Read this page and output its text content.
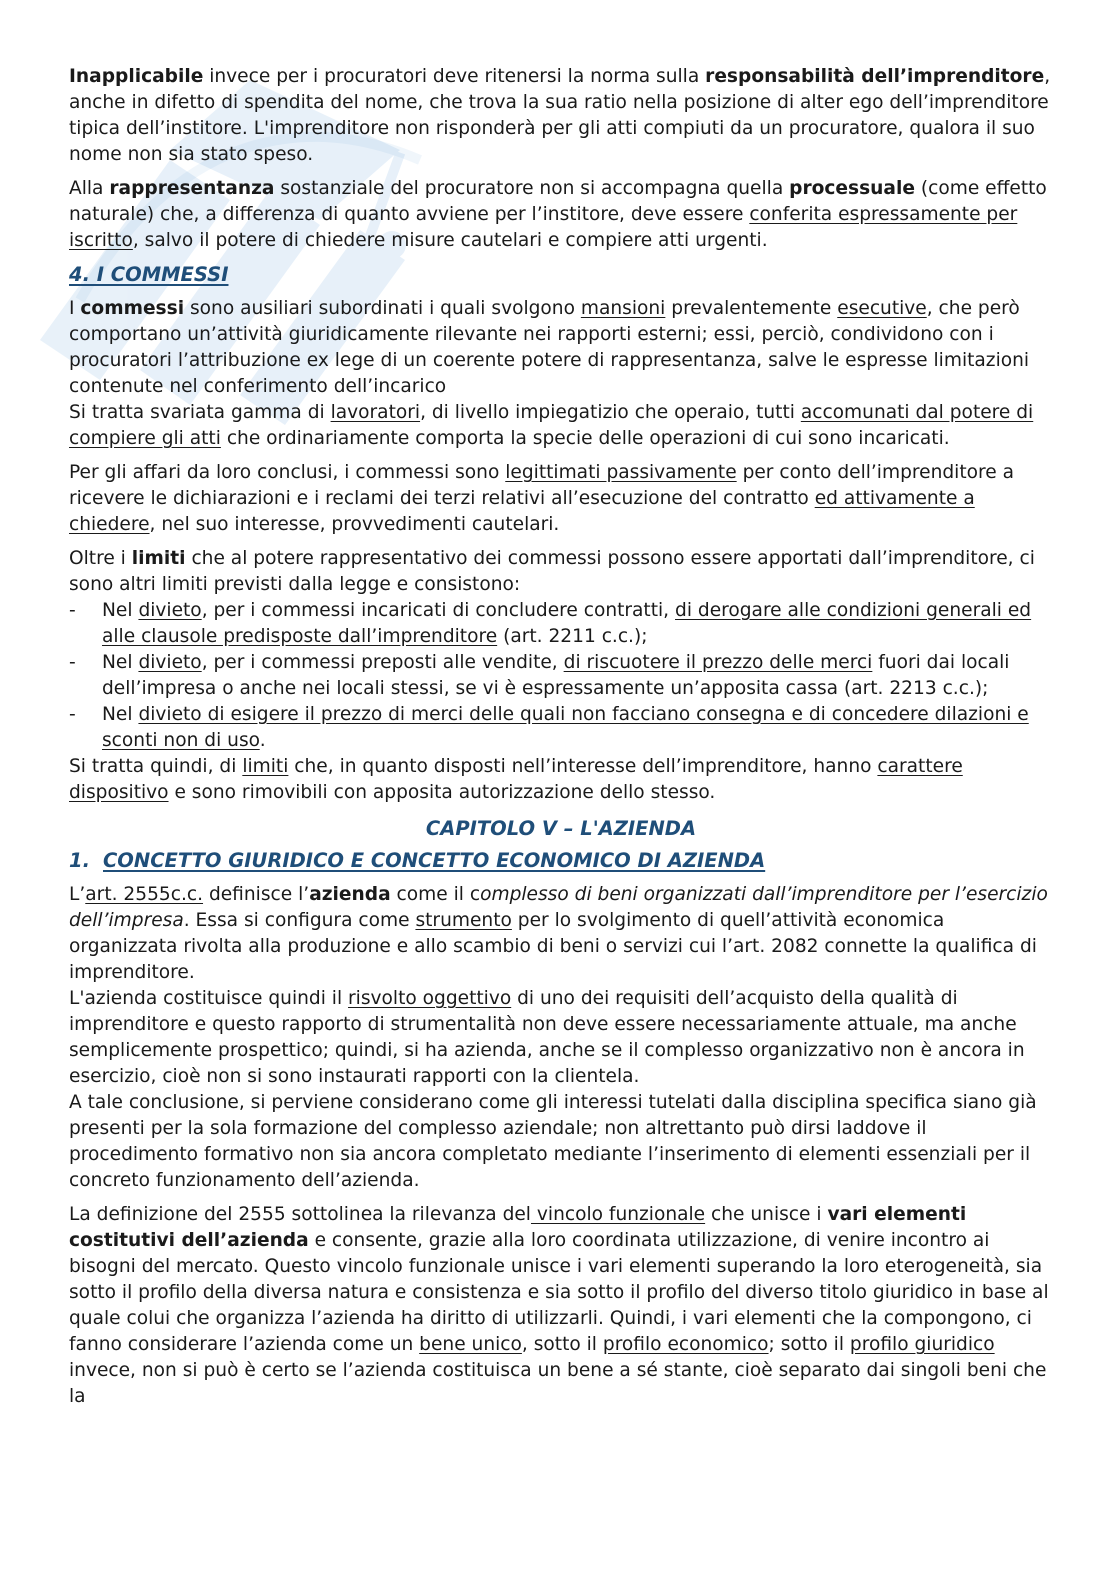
Inapplicabile invece per i procuratori deve ritenersi la norma sulla responsabilità dell’imprenditore, anche in difetto di spendita del nome, che trova la sua ratio nella posizione di alter ego dell’imprenditore tipica dell’institore. L'imprenditore non risponderà per gli atti compiuti da un procuratore, qualora il suo nome non sia stato speso.

Alla rappresentanza sostanziale del procuratore non si accompagna quella processuale (come effetto naturale) che, a differenza di quanto avviene per l’institore, deve essere conferita espressamente per iscritto, salvo il potere di chiedere misure cautelari e compiere atti urgenti.

4. I COMMESSI

I commessi sono ausiliari subordinati i quali svolgono mansioni prevalentemente esecutive, che però comportano un’attività giuridicamente rilevante nei rapporti esterni; essi, perciò, condividono con i procuratori l’attribuzione ex lege di un coerente potere di rappresentanza, salve le espresse limitazioni contenute nel conferimento dell’incarico

Si tratta svariata gamma di lavoratori, di livello impiegatizio che operaio, tutti accomunati dal potere di compiere gli atti che ordinariamente comporta la specie delle operazioni di cui sono incaricati.

Per gli affari da loro conclusi, i commessi sono legittimati passivamente per conto dell’imprenditore a ricevere le dichiarazioni e i reclami dei terzi relativi all’esecuzione del contratto ed attivamente a chiedere, nel suo interesse, provvedimenti cautelari.

Oltre i limiti che al potere rappresentativo dei commessi possono essere apportati dall’imprenditore, ci sono altri limiti previsti dalla legge e consistono:

- Nel divieto, per i commessi incaricati di concludere contratti, di derogare alle condizioni generali ed alle clausole predisposte dall’imprenditore (art. 2211 c.c.);
- Nel divieto, per i commessi preposti alle vendite, di riscuotere il prezzo delle merci fuori dai locali dell’impresa o anche nei locali stessi, se vi è espressamente un’apposita cassa (art. 2213 c.c.);
- Nel divieto di esigere il prezzo di merci delle quali non facciano consegna e di concedere dilazioni e sconti non di uso.

Si tratta quindi, di limiti che, in quanto disposti nell’interesse dell’imprenditore, hanno carattere dispositivo e sono rimovibili con apposita autorizzazione dello stesso.

CAPITOLO V – L'AZIENDA
1. CONCETTO GIURIDICO E CONCETTO ECONOMICO DI AZIENDA

L’art. 2555c.c. definisce l’azienda come il complesso di beni organizzati dall’imprenditore per l’esercizio dell’impresa. Essa si configura come strumento per lo svolgimento di quell’attività economica organizzata rivolta alla produzione e allo scambio di beni o servizi cui l’art. 2082 connette la qualifica di imprenditore.

L'azienda costituisce quindi il risvolto oggettivo di uno dei requisiti dell’acquisto della qualità di imprenditore e questo rapporto di strumentalità non deve essere necessariamente attuale, ma anche semplicemente prospettico; quindi, si ha azienda, anche se il complesso organizzativo non è ancora in esercizio, cioè non si sono instaurati rapporti con la clientela.

A tale conclusione, si perviene considerano come gli interessi tutelati dalla disciplina specifica siano già presenti per la sola formazione del complesso aziendale; non altrettanto può dirsi laddove il procedimento formativo non sia ancora completato mediante l’inserimento di elementi essenziali per il concreto funzionamento dell’azienda.

La definizione del 2555 sottolinea la rilevanza del vincolo funzionale che unisce i vari elementi costitutivi dell’azienda e consente, grazie alla loro coordinata utilizzazione, di venire incontro ai bisogni del mercato. Questo vincolo funzionale unisce i vari elementi superando la loro eterogeneità, sia sotto il profilo della diversa natura e consistenza e sia sotto il profilo del diverso titolo giuridico in base al quale colui che organizza l’azienda ha diritto di utilizzarli. Quindi, i vari elementi che la compongono, ci fanno considerare l’azienda come un bene unico, sotto il profilo economico; sotto il profilo giuridico invece, non si può è certo se l’azienda costituisca un bene a sé stante, cioè separato dai singoli beni che la
